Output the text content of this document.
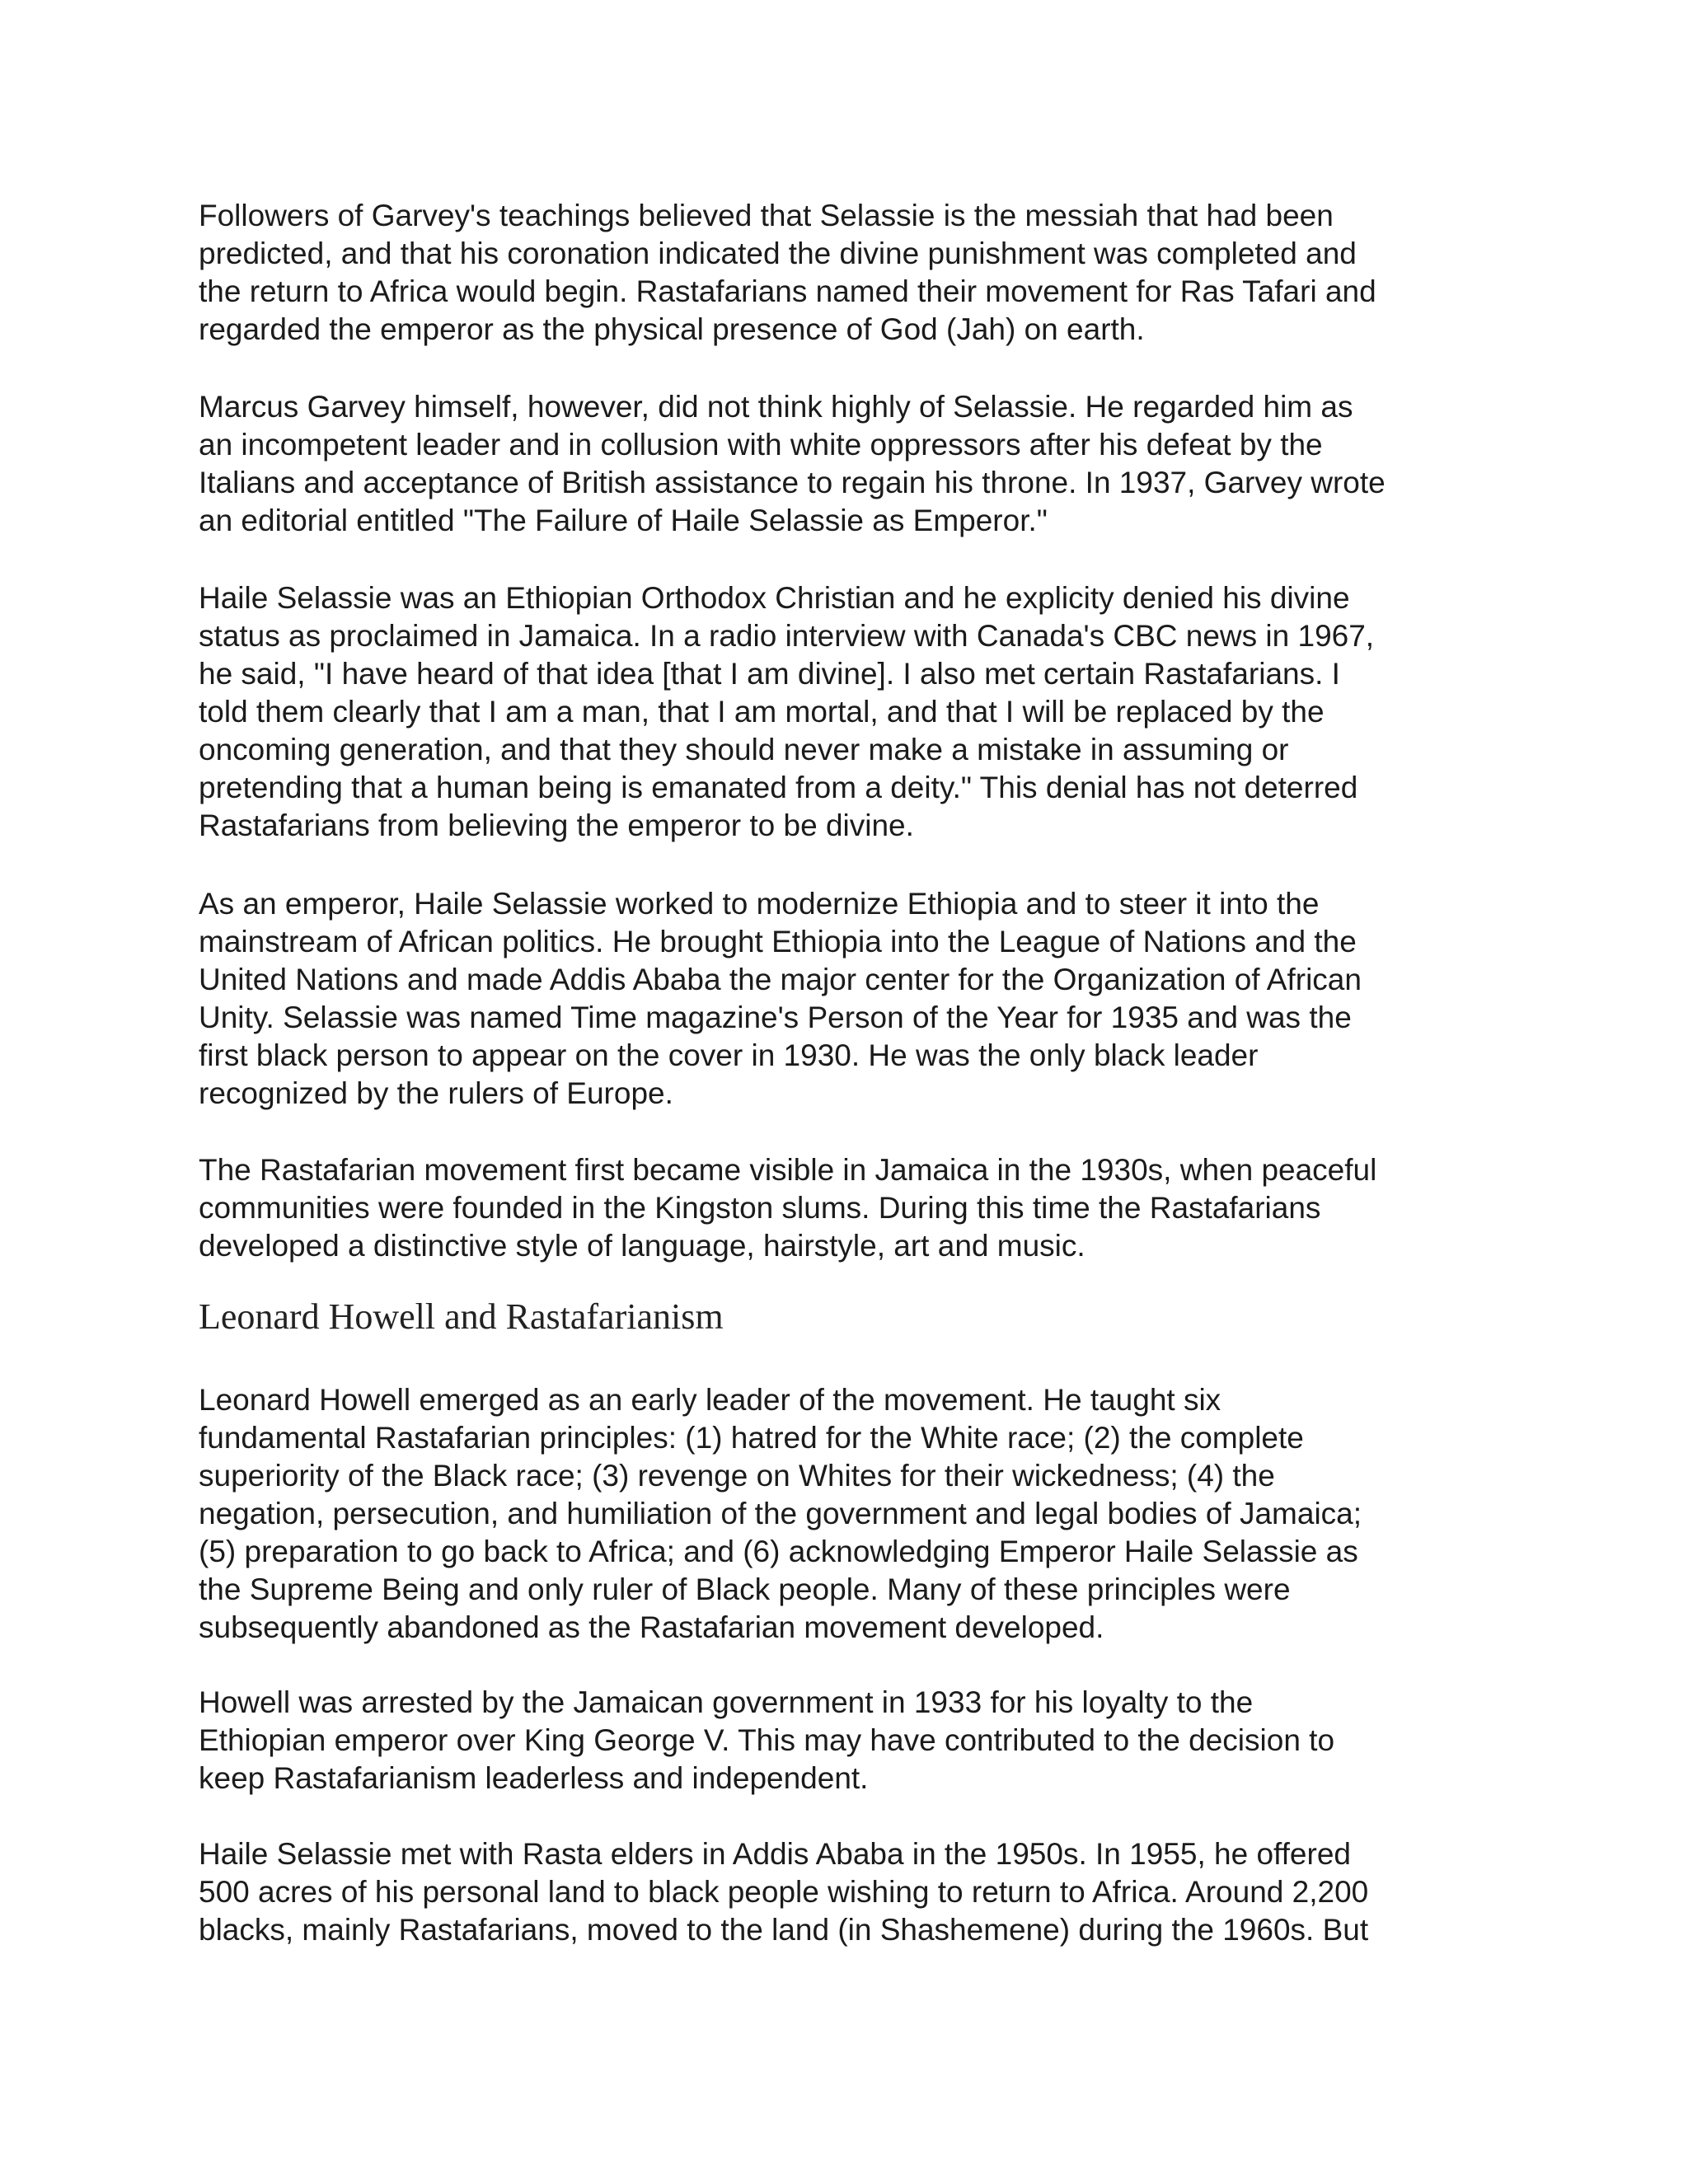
Followers of Garvey's teachings believed that Selassie is the messiah that had been
predicted, and that his coronation indicated the divine punishment was completed and
the return to Africa would begin. Rastafarians named their movement for Ras Tafari and
regarded the emperor as the physical presence of God (Jah) on earth.

Marcus Garvey himself, however, did not think highly of Selassie. He regarded him as
an incompetent leader and in collusion with white oppressors after his defeat by the
Italians and acceptance of British assistance to regain his throne. In 1937, Garvey wrote
an editorial entitled "The Failure of Haile Selassie as Emperor."

Haile Selassie was an Ethiopian Orthodox Christian and he explicity denied his divine
status as proclaimed in Jamaica. In a radio interview with Canada's CBC news in 1967,
he said, "I have heard of that idea [that I am divine]. I also met certain Rastafarians. I
told them clearly that I am a man, that I am mortal, and that I will be replaced by the
oncoming generation, and that they should never make a mistake in assuming or
pretending that a human being is emanated from a deity." This denial has not deterred
Rastafarians from believing the emperor to be divine.

As an emperor, Haile Selassie worked to modernize Ethiopia and to steer it into the
mainstream of African politics. He brought Ethiopia into the League of Nations and the
United Nations and made Addis Ababa the major center for the Organization of African
Unity. Selassie was named Time magazine's Person of the Year for 1935 and was the
first black person to appear on the cover in 1930. He was the only black leader
recognized by the rulers of Europe.

The Rastafarian movement first became visible in Jamaica in the 1930s, when peaceful
communities were founded in the Kingston slums. During this time the Rastafarians
developed a distinctive style of language, hairstyle, art and music.

Leonard Howell and Rastafarianism

Leonard Howell emerged as an early leader of the movement. He taught six
fundamental Rastafarian principles: (1) hatred for the White race; (2) the complete
superiority of the Black race; (3) revenge on Whites for their wickedness; (4) the
negation, persecution, and humiliation of the government and legal bodies of Jamaica;
(5) preparation to go back to Africa; and (6) acknowledging Emperor Haile Selassie as
the Supreme Being and only ruler of Black people. Many of these principles were
subsequently abandoned as the Rastafarian movement developed.

Howell was arrested by the Jamaican government in 1933 for his loyalty to the
Ethiopian emperor over King George V. This may have contributed to the decision to
keep Rastafarianism leaderless and independent.

Haile Selassie met with Rasta elders in Addis Ababa in the 1950s. In 1955, he offered
500 acres of his personal land to black people wishing to return to Africa. Around 2,200
blacks, mainly Rastafarians, moved to the land (in Shashemene) during the 1960s. But
